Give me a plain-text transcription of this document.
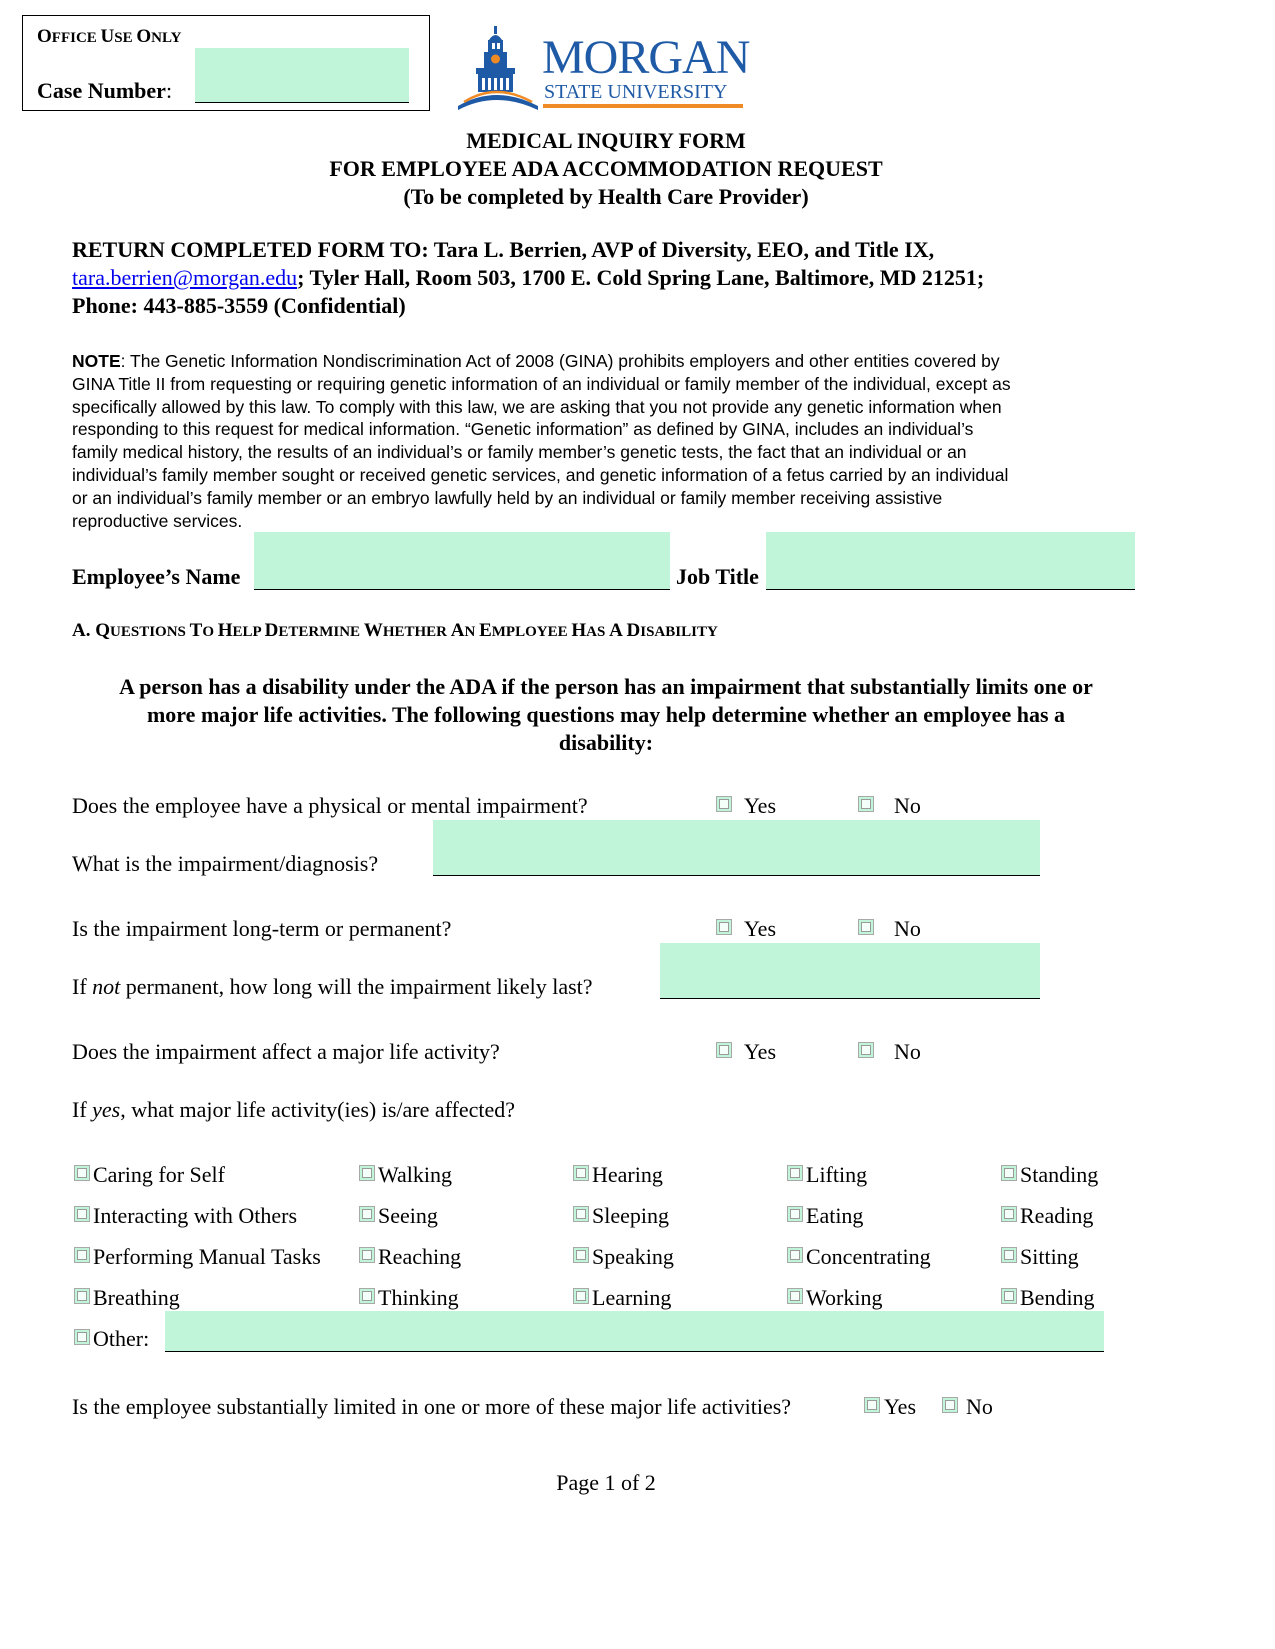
OFFICE USE ONLY
Case Number:
MORGAN
STATE UNIVERSITY
MEDICAL INQUIRY FORM
FOR EMPLOYEE ADA ACCOMMODATION REQUEST
(To be completed by Health Care Provider)
RETURN COMPLETED FORM TO: Tara L. Berrien, AVP of Diversity, EEO, and Title IX,
tara.berrien@morgan.edu; Tyler Hall, Room 503, 1700 E. Cold Spring Lane, Baltimore, MD 21251;
Phone: 443-885-3559 (Confidential)
NOTE: The Genetic Information Nondiscrimination Act of 2008 (GINA) prohibits employers and other entities covered by
GINA Title II from requesting or requiring genetic information of an individual or family member of the individual, except as
specifically allowed by this law. To comply with this law, we are asking that you not provide any genetic information when
responding to this request for medical information. “Genetic information” as defined by GINA, includes an individual’s
family medical history, the results of an individual’s or family member’s genetic tests, the fact that an individual or an
individual’s family member sought or received genetic services, and genetic information of a fetus carried by an individual
or an individual’s family member or an embryo lawfully held by an individual or family member receiving assistive
reproductive services.
Employee’s Name	Job Title
A. QUESTIONS TO HELP DETERMINE WHETHER AN EMPLOYEE HAS A DISABILITY
A person has a disability under the ADA if the person has an impairment that substantially limits one or
more major life activities. The following questions may help determine whether an employee has a
disability:
Does the employee have a physical or mental impairment?	Yes	No
What is the impairment/diagnosis?
Is the impairment long-term or permanent?	Yes	No
If not permanent, how long will the impairment likely last?
Does the impairment affect a major life activity?	Yes	No
If yes, what major life activity(ies) is/are affected?
Caring for Self	Walking	Hearing	Lifting	Standing
Interacting with Others	Seeing	Sleeping	Eating	Reading
Performing Manual Tasks	Reaching	Speaking	Concentrating	Sitting
Breathing	Thinking	Learning	Working	Bending
Other:
Is the employee substantially limited in one or more of these major life activities?	Yes No
Page 1 of 2
